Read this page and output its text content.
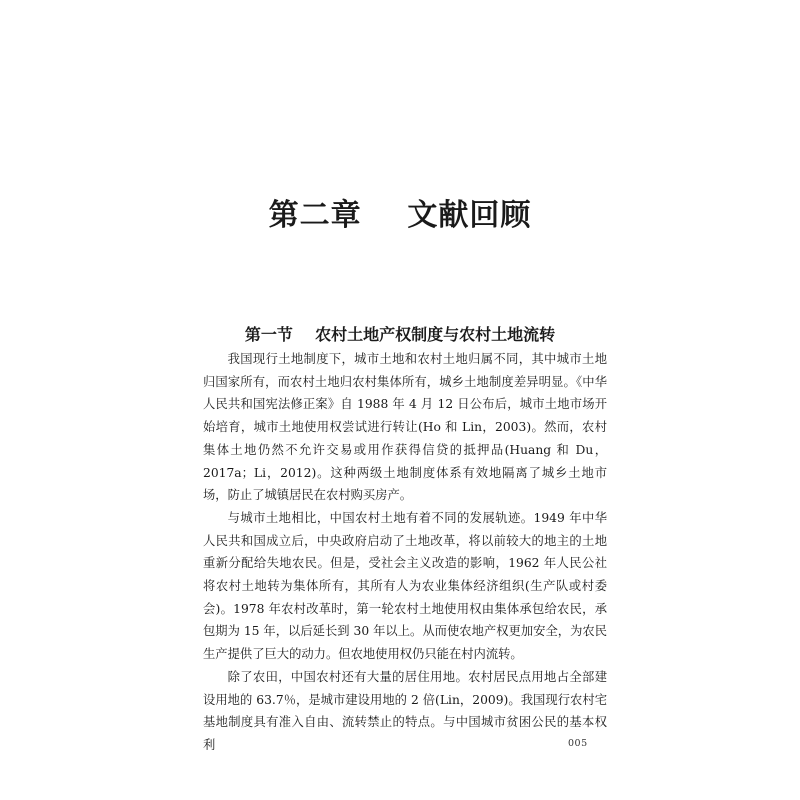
第二章    文献回顾
第一节    农村土地产权制度与农村土地流转

我国现行土地制度下，城市土地和农村土地归属不同，其中城市土地归国家所有，而农村土地归农村集体所有，城乡土地制度差异明显。《中华人民共和国宪法修正案》自 1988 年 4 月 12 日公布后，城市土地市场开始培育，城市土地使用权尝试进行转让(Ho 和 Lin，2003)。然而，农村集体土地仍然不允许交易或用作获得信贷的抵押品(Huang 和 Du，2017a；Li，2012)。这种两级土地制度体系有效地隔离了城乡土地市场，防止了城镇居民在农村购买房产。

与城市土地相比，中国农村土地有着不同的发展轨迹。1949 年中华人民共和国成立后，中央政府启动了土地改革，将以前较大的地主的土地重新分配给失地农民。但是，受社会主义改造的影响，1962 年人民公社将农村土地转为集体所有，其所有人为农业集体经济组织(生产队或村委会)。1978 年农村改革时，第一轮农村土地使用权由集体承包给农民，承包期为 15 年，以后延长到 30 年以上。从而使农地产权更加安全，为农民生产提供了巨大的动力。但农地使用权仍只能在村内流转。

除了农田，中国农村还有大量的居住用地。农村居民点用地占全部建设用地的 63.7％，是城市建设用地的 2 倍(Lin，2009)。我国现行农村宅基地制度具有准入自由、流转禁止的特点。与中国城市贫困公民的基本权利	005
